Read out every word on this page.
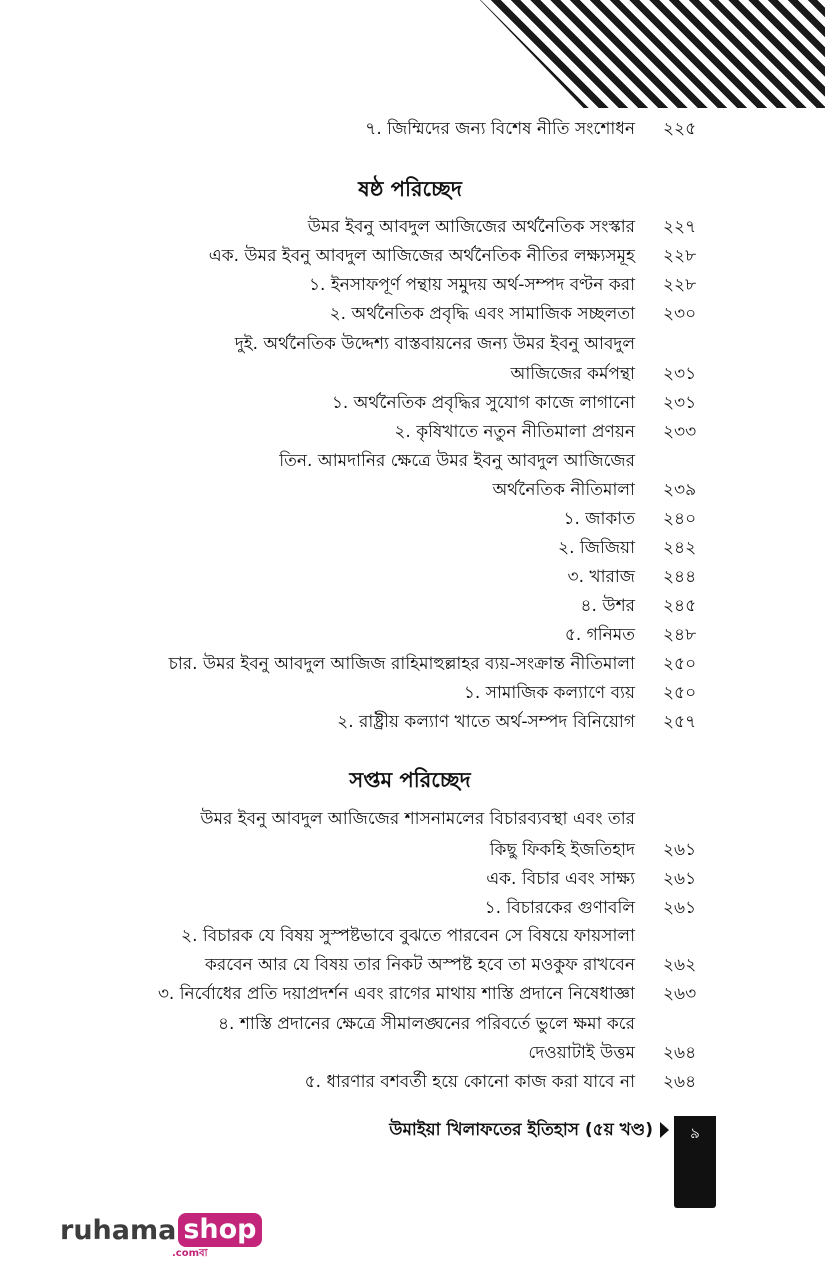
৭. জিম্মিদের জন্য বিশেষ নীতি সংশোধন ২২৫
ষষ্ঠ পরিচ্ছেদ
উমর ইবনু আবদুল আজিজের অর্থনৈতিক সংস্কার ২২৭
এক. উমর ইবনু আবদুল আজিজের অর্থনৈতিক নীতির লক্ষ্যসমূহ ২২৮
১. ইনসাফপূর্ণ পন্থায় সমুদয় অর্থ-সম্পদ বণ্টন করা ২২৮
২. অর্থনৈতিক প্রবৃদ্ধি এবং সামাজিক সচ্ছলতা ২৩০
দুই. অর্থনৈতিক উদ্দেশ্য বাস্তবায়নের জন্য উমর ইবনু আবদুল
আজিজের কর্মপন্থা ২৩১
১. অর্থনৈতিক প্রবৃদ্ধির সুযোগ কাজে লাগানো ২৩১
২. কৃষিখাতে নতুন নীতিমালা প্রণয়ন ২৩৩
তিন. আমদানির ক্ষেত্রে উমর ইবনু আবদুল আজিজের
অর্থনৈতিক নীতিমালা ২৩৯
১. জাকাত ২৪০
২. জিজিয়া ২৪২
৩. খারাজ ২৪৪
৪. উশর ২৪৫
৫. গনিমত ২৪৮
চার. উমর ইবনু আবদুল আজিজ রাহিমাহুল্লাহর ব্যয়-সংক্রান্ত নীতিমালা ২৫০
১. সামাজিক কল্যাণে ব্যয় ২৫০
২. রাষ্ট্রীয় কল্যাণ খাতে অর্থ-সম্পদ বিনিয়োগ ২৫৭
সপ্তম পরিচ্ছেদ
উমর ইবনু আবদুল আজিজের শাসনামলের বিচারব্যবস্থা এবং তার
কিছু ফিকহি ইজতিহাদ ২৬১
এক. বিচার এবং সাক্ষ্য ২৬১
১. বিচারকের গুণাবলি ২৬১
২. বিচারক যে বিষয় সুস্পষ্টভাবে বুঝতে পারবেন সে বিষয়ে ফায়সালা
করবেন আর যে বিষয় তার নিকট অস্পষ্ট হবে তা মওকুফ রাখবেন ২৬২
৩. নির্বোধের প্রতি দয়াপ্রদর্শন এবং রাগের মাথায় শাস্তি প্রদানে নিষেধাজ্ঞা ২৬৩
৪. শাস্তি প্রদানের ক্ষেত্রে সীমালঙ্ঘনের পরিবর্তে ভুলে ক্ষমা করে
দেওয়াটাই উত্তম ২৬৪
৫. ধারণার বশবর্তী হয়ে কোনো কাজ করা যাবে না ২৬৪
উমাইয়া খিলাফতের ইতিহাস (৫য় খণ্ড)	৯
ruhama shop
.comবা
